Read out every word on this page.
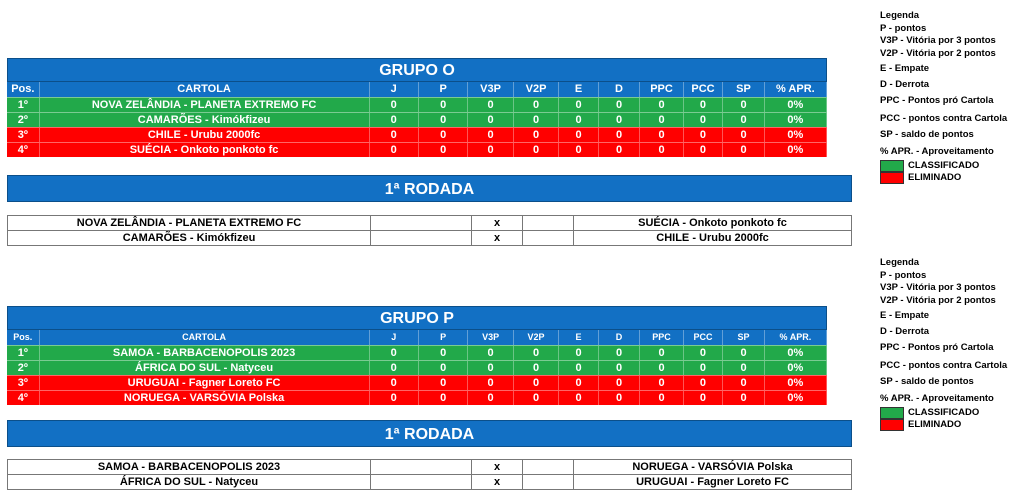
GRUPO O
Pos.	CARTOLA	J	P	V3P	V2P	E	D	PPC	PCC	SP	% APR.
1º	NOVA ZELÂNDIA - PLANETA EXTREMO FC	0	0	0	0	0	0	0	0	0	0%
2º	CAMARÕES - Kimókfizeu	0	0	0	0	0	0	0	0	0	0%
3º	CHILE - Urubu 2000fc	0	0	0	0	0	0	0	0	0	0%
4º	SUÉCIA - Onkoto ponkoto fc	0	0	0	0	0	0	0	0	0	0%
1ª RODADA
NOVA ZELÂNDIA - PLANETA EXTREMO FC		x		SUÉCIA - Onkoto ponkoto fc
CAMARÕES - Kimókfizeu		x		CHILE - Urubu 2000fc
GRUPO P
Pos.	CARTOLA	J	P	V3P	V2P	E	D	PPC	PCC	SP	% APR.
1º	SAMOA - BARBACENOPOLIS 2023	0	0	0	0	0	0	0	0	0	0%
2º	ÁFRICA DO SUL - Natyceu	0	0	0	0	0	0	0	0	0	0%
3º	URUGUAI - Fagner Loreto FC	0	0	0	0	0	0	0	0	0	0%
4º	NORUEGA - VARSÓVIA Polska	0	0	0	0	0	0	0	0	0	0%
1ª RODADA
SAMOA - BARBACENOPOLIS 2023		x		NORUEGA - VARSÓVIA Polska
ÁFRICA DO SUL - Natyceu		x		URUGUAI - Fagner Loreto FC
Legenda
P - pontos
V3P - Vitória por 3 pontos
V2P - Vitória por 2 pontos
E - Empate
D - Derrota
PPC - Pontos pró Cartola
PCC - pontos contra Cartola
SP - saldo de pontos
% APR. - Aproveitamento
CLASSIFICADO
ELIMINADO
Legenda
P - pontos
V3P - Vitória por 3 pontos
V2P - Vitória por 2 pontos
E - Empate
D - Derrota
PPC - Pontos pró Cartola
PCC - pontos contra Cartola
SP - saldo de pontos
% APR. - Aproveitamento
CLASSIFICADO
ELIMINADO
